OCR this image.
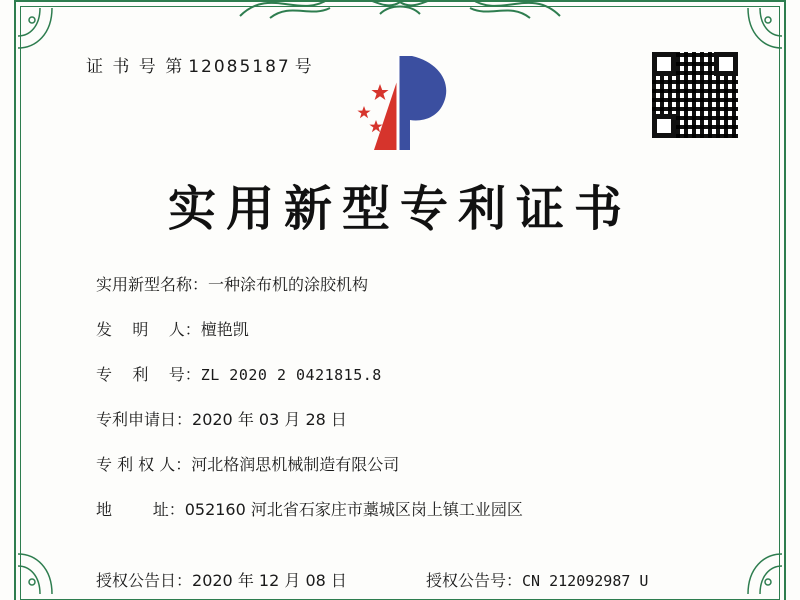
证 书 号 第 12085187 号
实用新型专利证书
实用新型名称： 一种涂布机的涂胶机构
发    明    人： 檀艳凯
专    利    号： ZL 2020 2 0421815.8
专利申请日： 2020 年 03 月 28 日
专 利 权 人： 河北格润思机械制造有限公司
地        址： 052160 河北省石家庄市藁城区岗上镇工业园区
授权公告日：2020 年 12 月 08 日	授权公告号：CN 212092987 U
